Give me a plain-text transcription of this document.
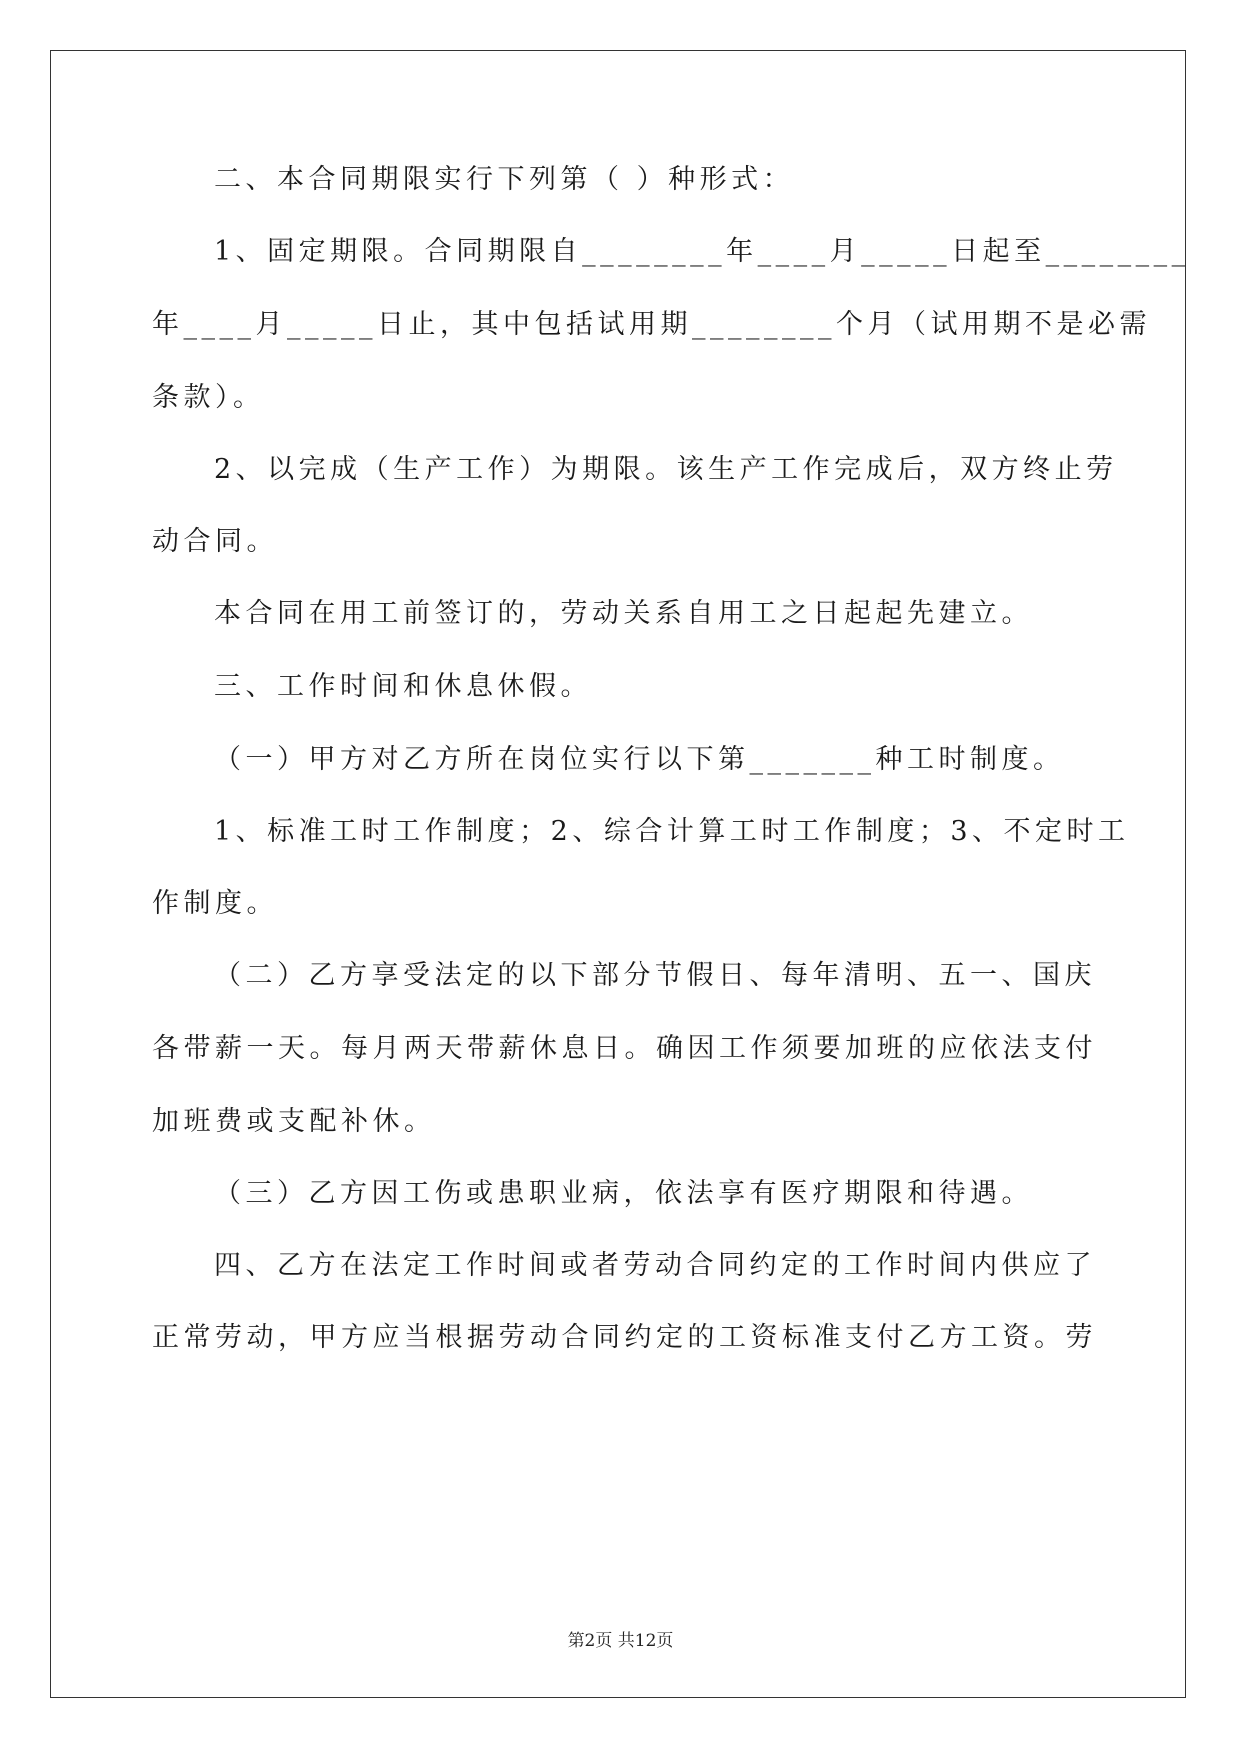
二、本合同期限实行下列第（ ）种形式：
1、固定期限。合同期限自________年____月_____日起至________
年____月_____日止，其中包括试用期________个月（试用期不是必需
条款）。
2、以完成（生产工作）为期限。该生产工作完成后，双方终止劳
动合同。
本合同在用工前签订的，劳动关系自用工之日起起先建立。
三、工作时间和休息休假。
（一）甲方对乙方所在岗位实行以下第_______种工时制度。
1、标准工时工作制度；2、综合计算工时工作制度；3、不定时工
作制度。
（二）乙方享受法定的以下部分节假日、每年清明、五一、国庆
各带薪一天。每月两天带薪休息日。确因工作须要加班的应依法支付
加班费或支配补休。
（三）乙方因工伤或患职业病，依法享有医疗期限和待遇。
四、乙方在法定工作时间或者劳动合同约定的工作时间内供应了
正常劳动，甲方应当根据劳动合同约定的工资标准支付乙方工资。劳
第2页 共12页
